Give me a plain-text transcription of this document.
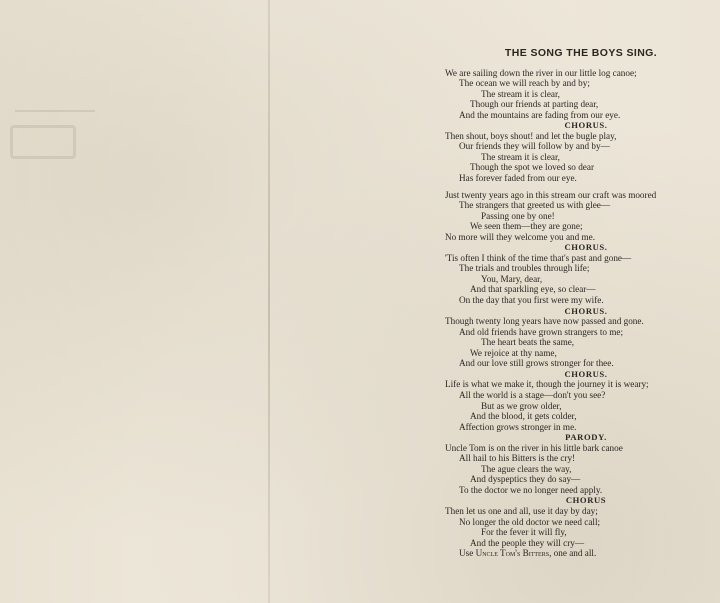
THE SONG THE BOYS SING.
We are sailing down the river in our little log canoe;
The ocean we will reach by and by;
The stream it is clear,
Though our friends at parting dear,
And the mountains are fading from our eye.
CHORUS.
Then shout, boys shout! and let the bugle play,
Our friends they will follow by and by—
The stream it is clear,
Though the spot we loved so dear
Has forever faded from our eye.
Just twenty years ago in this stream our craft was moored
The strangers that greeted us with glee—
Passing one by one!
We seen them—they are gone;
No more will they welcome you and me.
CHORUS.
'Tis often I think of the time that's past and gone—
The trials and troubles through life;
You, Mary, dear,
And that sparkling eye, so clear—
On the day that you first were my wife.
CHORUS.
Though twenty long years have now passed and gone.
And old friends have grown strangers to me;
The heart beats the same,
We rejoice at thy name,
And our love still grows stronger for thee.
CHORUS.
Life is what we make it, though the journey it is weary;
All the world is a stage—don't you see?
But as we grow older,
And the blood, it gets colder,
Affection grows stronger in me.
PARODY.
Uncle Tom is on the river in his little bark canoe
All hail to his Bitters is the cry!
The ague clears the way,
And dyspeptics they do say—
To the doctor we no longer need apply.
CHORUS
Then let us one and all, use it day by day;
No longer the old doctor we need call;
For the fever it will fly,
And the people they will cry—
Use Uncle Tom's Bitters, one and all.
